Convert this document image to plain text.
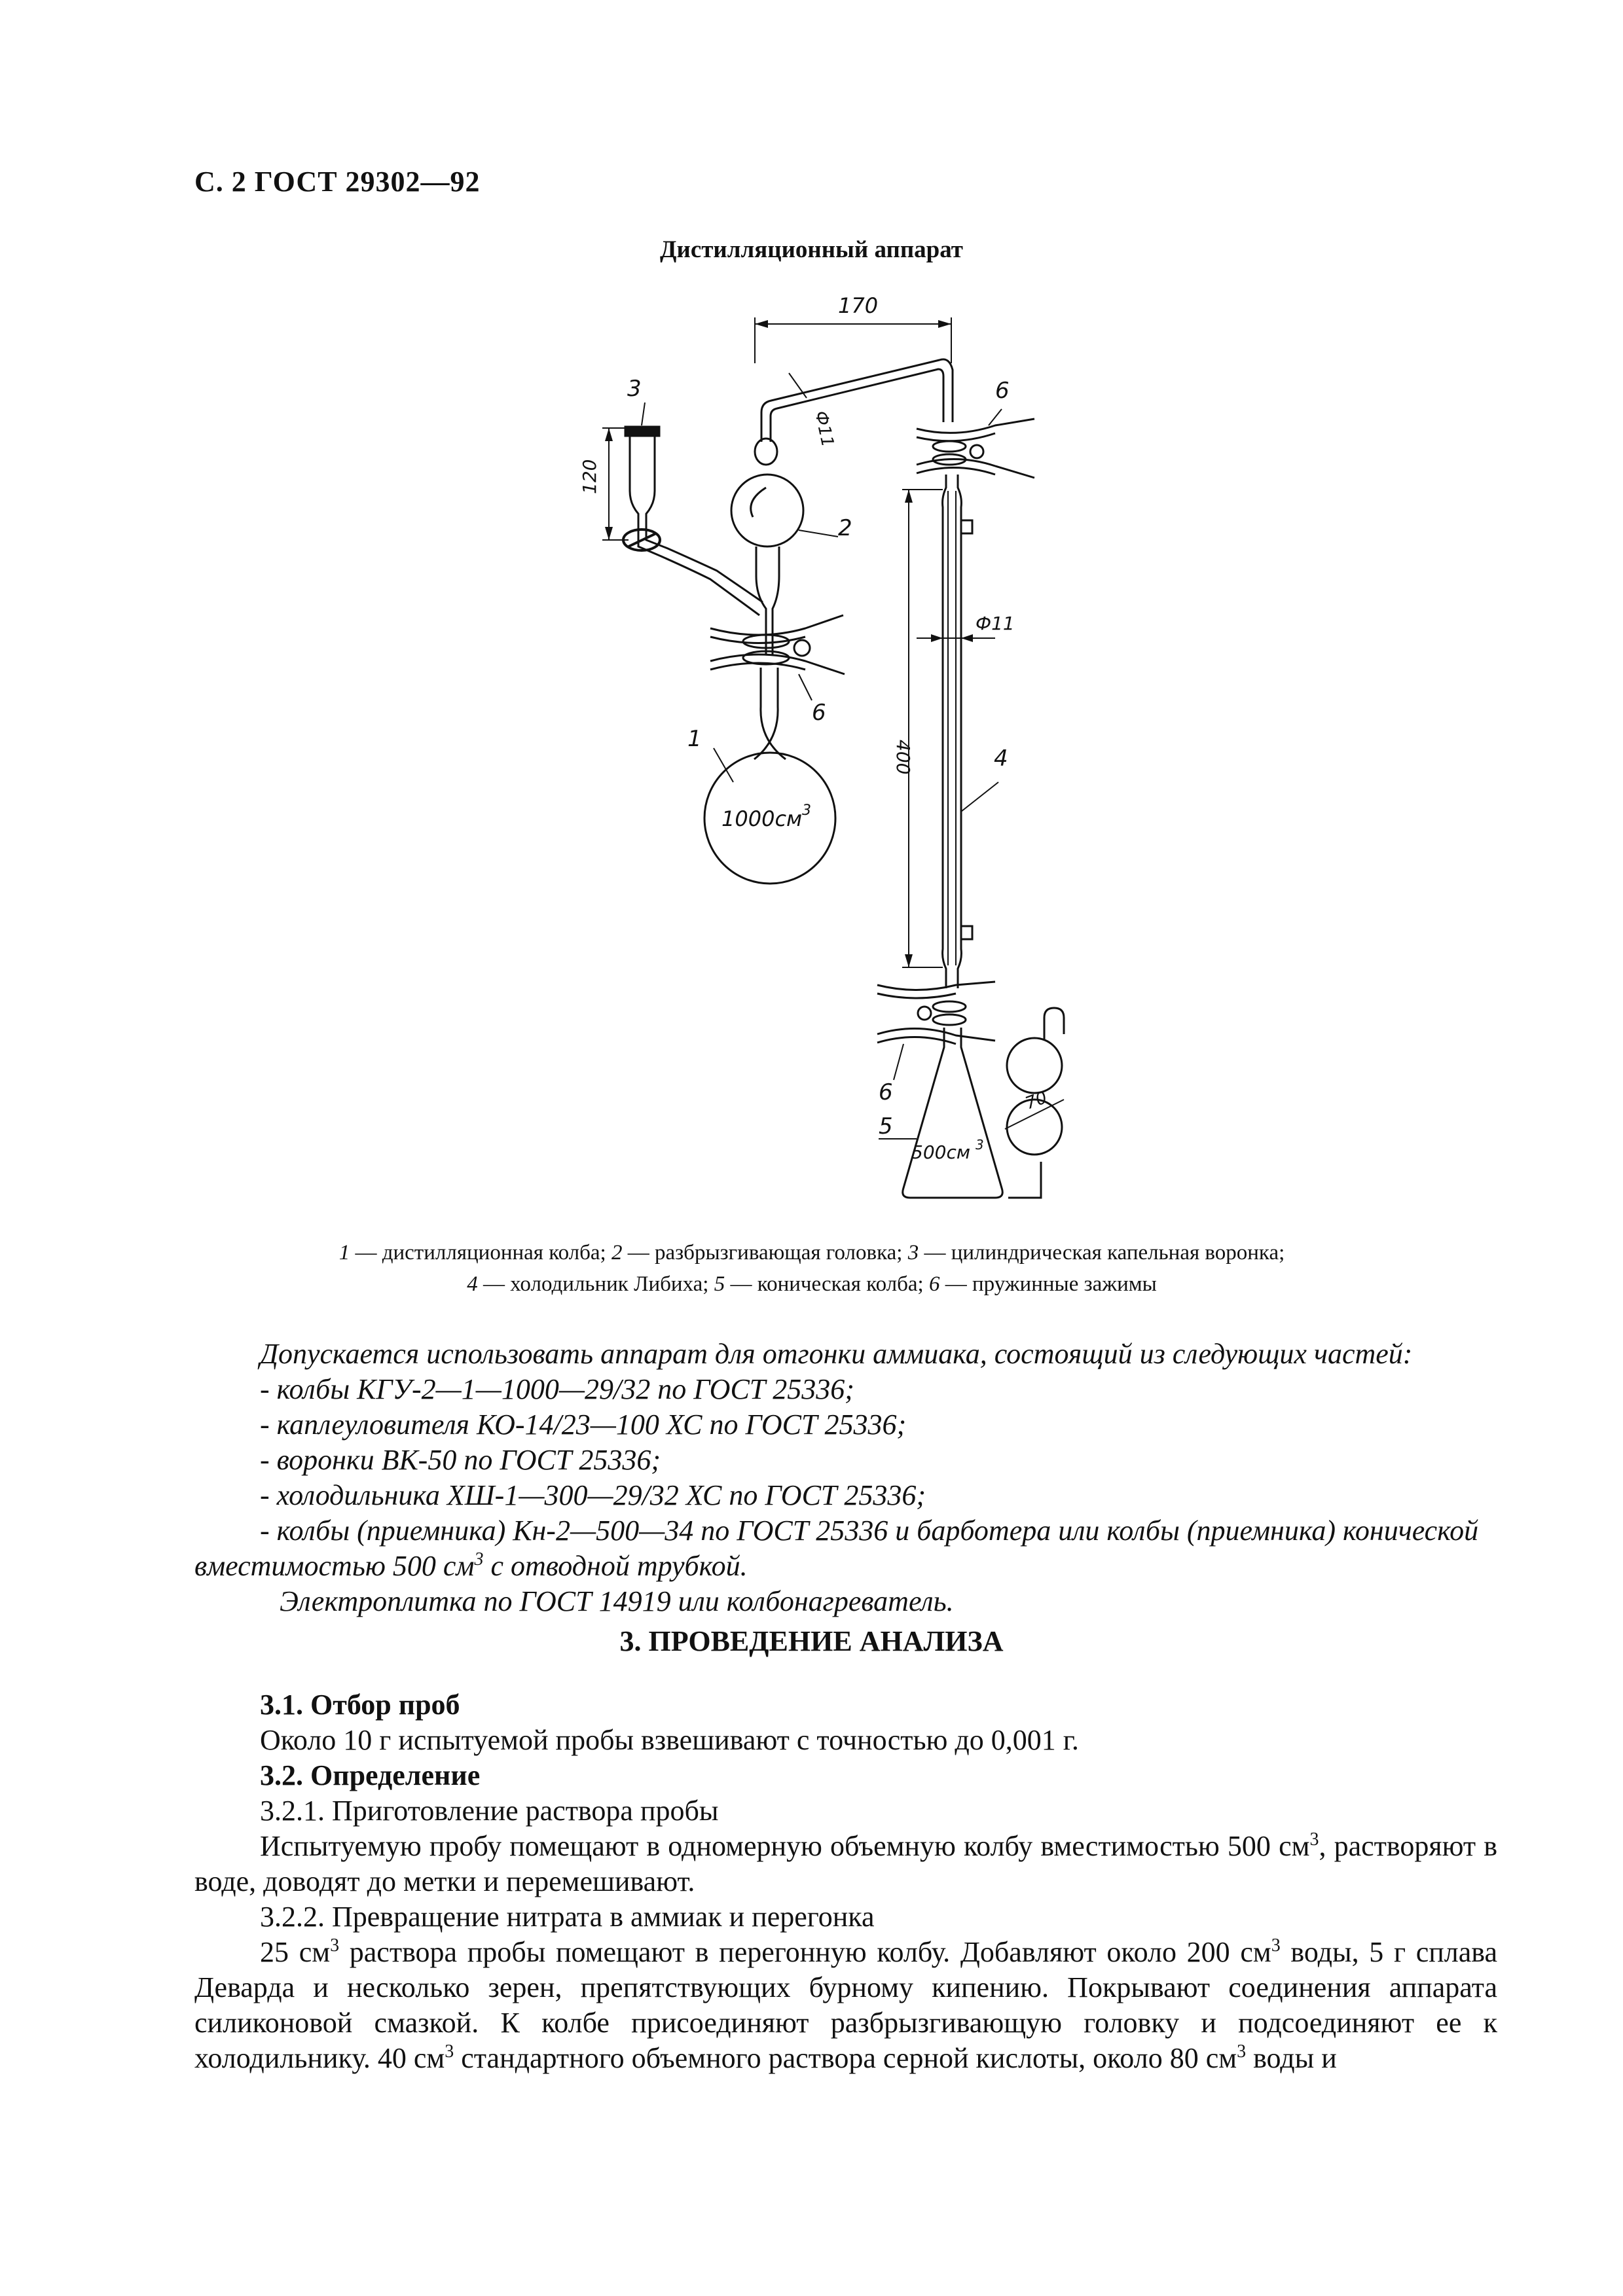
С. 2 ГОСТ 29302—92
Дистилляционный аппарат
170
Ф11
2
3
120
6
1
1000см 3
6
Ф11
400	4
6
5
500см 3
70
1 — дистилляционная колба; 2 — разбрызгивающая головка; 3 — цилиндрическая капельная воронка;
4 — холодильник Либиха; 5 — коническая колба; 6 — пружинные зажимы
Допускается использовать аппарат для отгонки аммиака, состоящий из следующих частей:
- колбы КГУ-2—1—1000—29/32 по ГОСТ 25336;
- каплеуловителя КО-14/23—100 ХС по ГОСТ 25336;
- воронки ВК-50 по ГОСТ 25336;
- холодильника ХШ-1—300—29/32 ХС по ГОСТ 25336;
- колбы (приемника) Кн-2—500—34 по ГОСТ 25336 и барботера или колбы (приемника) конической
вместимостью 500 $см^3$ с отводной трубкой.
Электроплитка по ГОСТ 14919 или колбонагреватель.
3. ПРОВЕДЕНИЕ АНАЛИЗА
3.1. Отбор проб
Около 10 г испытуемой пробы взвешивают с точностью до 0,001 г.
3.2. Определение
3.2.1. Приготовление раствора пробы
Испытуемую пробу помещают в одномерную объемную колбу вместимостью 500 $см^3$, растворяют в воде, доводят до метки и перемешивают.
3.2.2. Превращение нитрата в аммиак и перегонка
25 $см^3$ раствора пробы помещают в перегонную колбу. Добавляют около 200 $см^3$ воды, 5 г сплава Деварда и несколько зерен, препятствующих бурному кипению. Покрывают соединения аппарата силиконовой смазкой. К колбе присоединяют разбрызгивающую головку и подсоединяют ее к холодильнику. 40 $см^3$ стандартного объемного раствора серной кислоты, около 80 $см^3$ воды и
